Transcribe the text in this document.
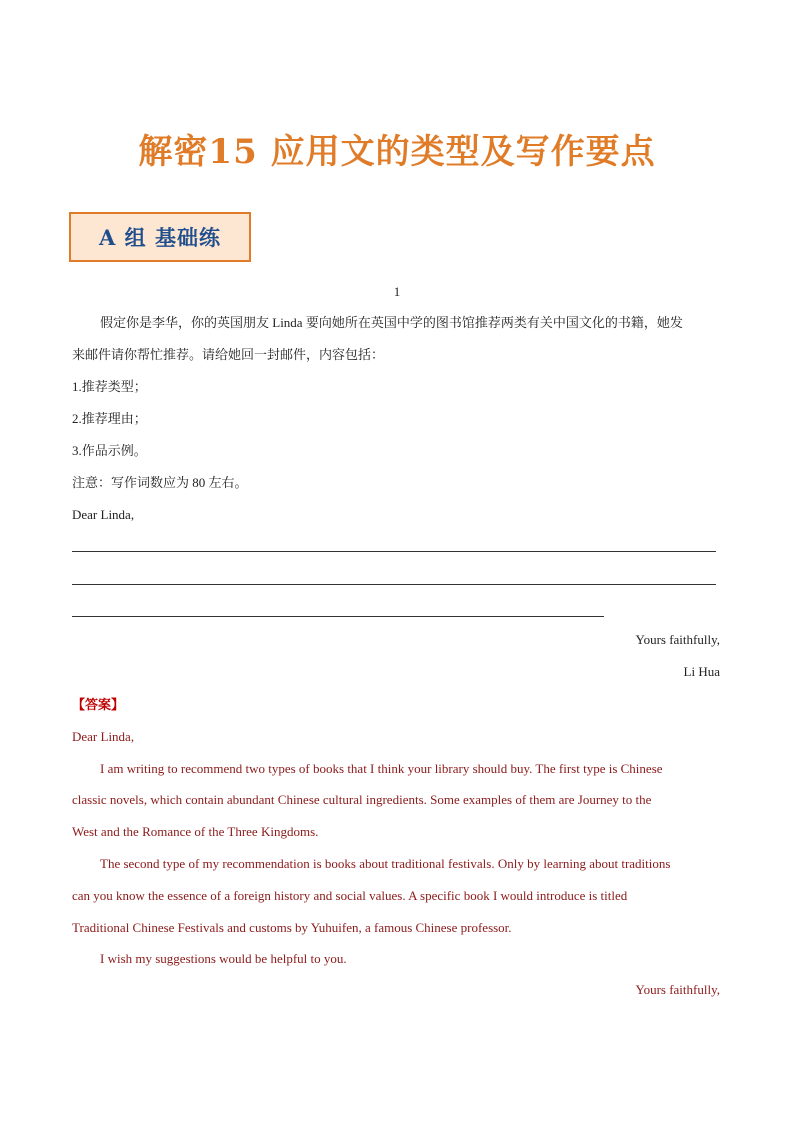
解密15 应用文的类型及写作要点
A 组 基础练
1
假定你是李华，你的英国朋友 Linda 要向她所在英国中学的图书馆推荐两类有关中国文化的书籍，她发
来邮件请你帮忙推荐。请给她回一封邮件，内容包括：
1.推荐类型；
2.推荐理由；
3.作品示例。
注意：写作词数应为 80 左右。
Dear Linda,
Yours faithfully,
Li Hua
【答案】
Dear Linda,
I am writing to recommend two types of books that I think your library should buy. The first type is Chinese
classic novels, which contain abundant Chinese cultural ingredients. Some examples of them are Journey to the
West and the Romance of the Three Kingdoms.
The second type of my recommendation is books about traditional festivals. Only by learning about traditions
can you know the essence of a foreign history and social values. A specific book I would introduce is titled
Traditional Chinese Festivals and customs by Yuhuifen, a famous Chinese professor.
I wish my suggestions would be helpful to you.
Yours faithfully,
